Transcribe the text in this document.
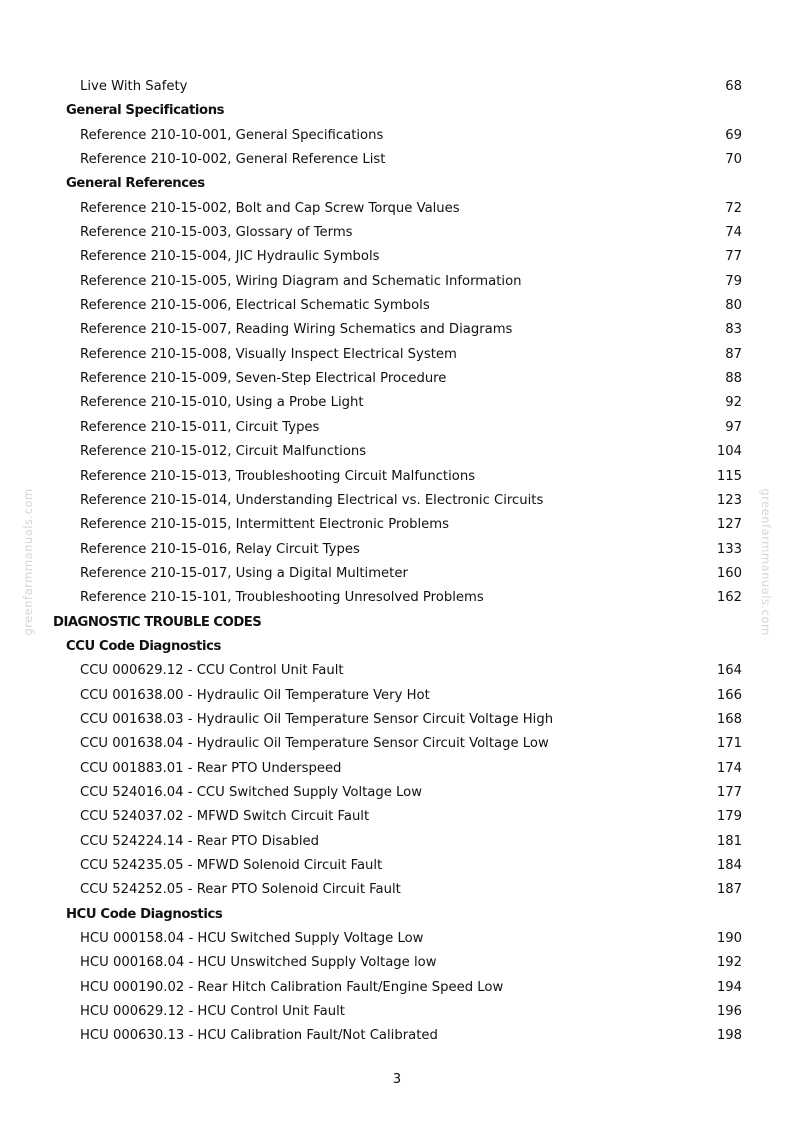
greenfarmmanuals.com	greenfarmmanuals.com
Live With Safety	68
General Specifications
Reference 210-10-001, General Specifications	69
Reference 210-10-002, General Reference List	70
General References
Reference 210-15-002, Bolt and Cap Screw Torque Values	72
Reference 210-15-003, Glossary of Terms	74
Reference 210-15-004, JIC Hydraulic Symbols	77
Reference 210-15-005, Wiring Diagram and Schematic Information	79
Reference 210-15-006, Electrical Schematic Symbols	80
Reference 210-15-007, Reading Wiring Schematics and Diagrams	83
Reference 210-15-008, Visually Inspect Electrical System	87
Reference 210-15-009, Seven-Step Electrical Procedure	88
Reference 210-15-010, Using a Probe Light	92
Reference 210-15-011, Circuit Types	97
Reference 210-15-012, Circuit Malfunctions	104
Reference 210-15-013, Troubleshooting Circuit Malfunctions	115
Reference 210-15-014, Understanding Electrical vs. Electronic Circuits	123
Reference 210-15-015, Intermittent Electronic Problems	127
Reference 210-15-016, Relay Circuit Types	133
Reference 210-15-017, Using a Digital Multimeter	160
Reference 210-15-101, Troubleshooting Unresolved Problems	162
DIAGNOSTIC TROUBLE CODES
CCU Code Diagnostics
CCU 000629.12 - CCU Control Unit Fault	164
CCU 001638.00 - Hydraulic Oil Temperature Very Hot	166
CCU 001638.03 - Hydraulic Oil Temperature Sensor Circuit Voltage High	168
CCU 001638.04 - Hydraulic Oil Temperature Sensor Circuit Voltage Low	171
CCU 001883.01 - Rear PTO Underspeed	174
CCU 524016.04 - CCU Switched Supply Voltage Low	177
CCU 524037.02 - MFWD Switch Circuit Fault	179
CCU 524224.14 - Rear PTO Disabled	181
CCU 524235.05 - MFWD Solenoid Circuit Fault	184
CCU 524252.05 - Rear PTO Solenoid Circuit Fault	187
HCU Code Diagnostics
HCU 000158.04 - HCU Switched Supply Voltage Low	190
HCU 000168.04 - HCU Unswitched Supply Voltage low	192
HCU 000190.02 - Rear Hitch Calibration Fault/Engine Speed Low	194
HCU 000629.12 - HCU Control Unit Fault	196
HCU 000630.13 - HCU Calibration Fault/Not Calibrated	198
3
